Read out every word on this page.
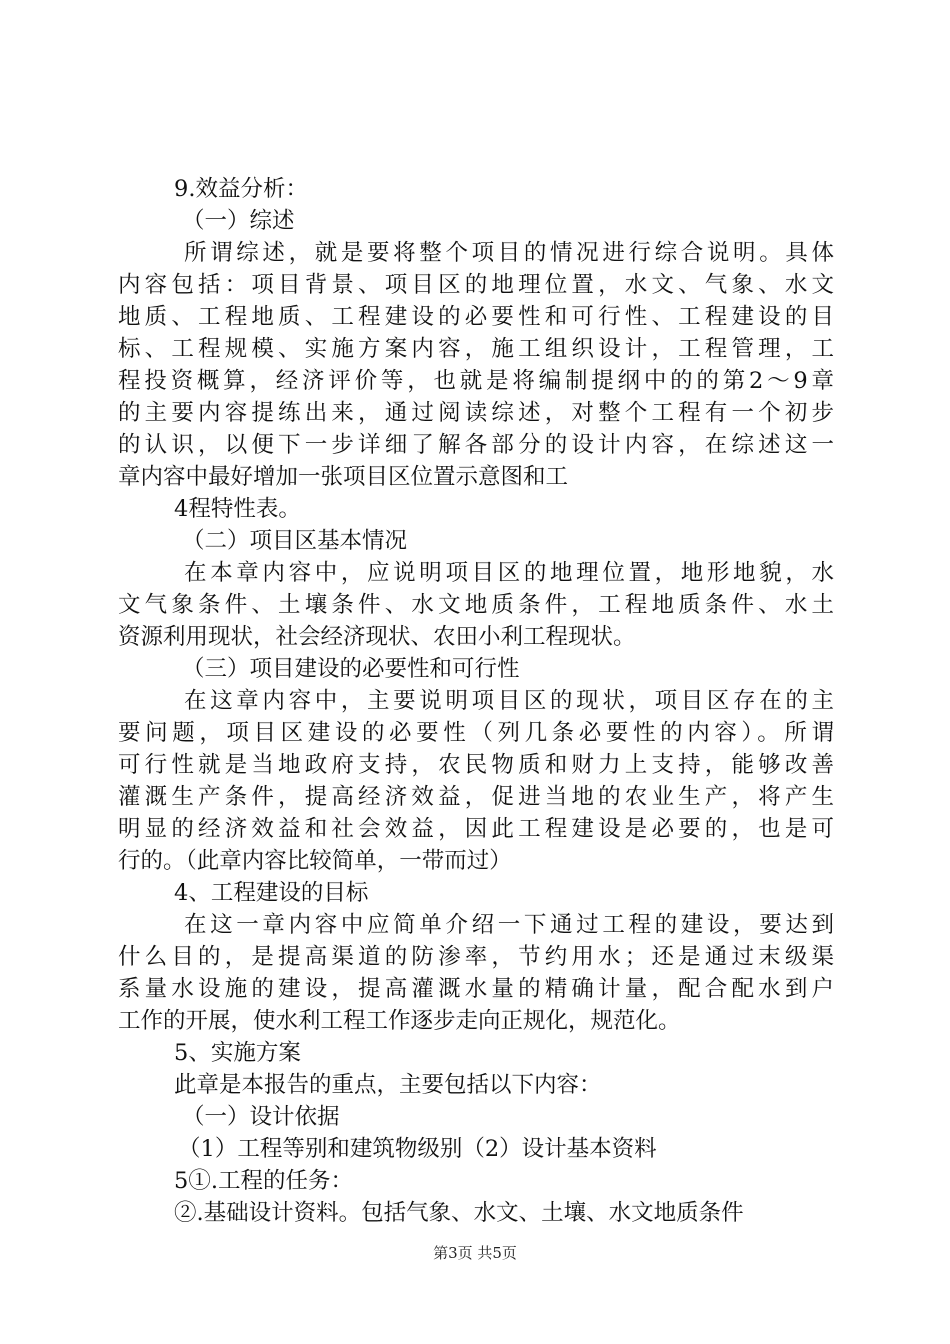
9.效益分析：
（一）综述
所谓综述，就是要将整个项目的情况进行综合说明。具体
内容包括：项目背景、项目区的地理位置，水文、气象、水文
地质、工程地质、工程建设的必要性和可行性、工程建设的目
标、工程规模、实施方案内容，施工组织设计，工程管理，工
程投资概算，经济评价等，也就是将编制提纲中的的第2～9章
的主要内容提练出来，通过阅读综述，对整个工程有一个初步
的认识，以便下一步详细了解各部分的设计内容，在综述这一
章内容中最好增加一张项目区位置示意图和工
4程特性表。
（二）项目区基本情况
在本章内容中，应说明项目区的地理位置，地形地貌，水
文气象条件、土壤条件、水文地质条件，工程地质条件、水土
资源利用现状，社会经济现状、农田小利工程现状。
（三）项目建设的必要性和可行性
在这章内容中，主要说明项目区的现状，项目区存在的主
要问题，项目区建设的必要性（列几条必要性的内容）。所谓
可行性就是当地政府支持，农民物质和财力上支持，能够改善
灌溉生产条件，提高经济效益，促进当地的农业生产，将产生
明显的经济效益和社会效益，因此工程建设是必要的，也是可
行的。（此章内容比较简单，一带而过）
4、工程建设的目标
在这一章内容中应简单介绍一下通过工程的建设，要达到
什么目的，是提高渠道的防渗率，节约用水；还是通过末级渠
系量水设施的建设，提高灌溉水量的精确计量，配合配水到户
工作的开展，使水利工程工作逐步走向正规化，规范化。
5、实施方案
此章是本报告的重点，主要包括以下内容：
（一）设计依据
（1）工程等别和建筑物级别（2）设计基本资料
5①.工程的任务：
②.基础设计资料。包括气象、水文、土壤、水文地质条件
第3页 共5页
